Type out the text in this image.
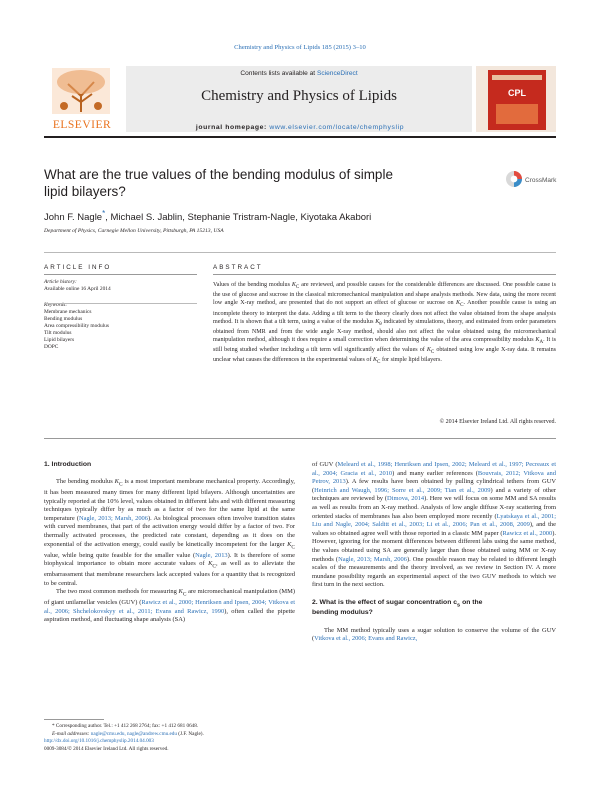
Chemistry and Physics of Lipids 185 (2015) 3–10
ELSEVIER
Contents lists available at ScienceDirect
Chemistry and Physics of Lipids
journal homepage: www.elsevier.com/locate/chemphyslip
CPL
What are the true values of the bending modulus of simple
lipid bilayers?
CrossMark
John F. Nagle*, Michael S. Jablin, Stephanie Tristram-Nagle, Kiyotaka Akabori
Department of Physics, Carnegie Mellon University, Pittsburgh, PA 15213, USA
ARTICLE INFO	ABSTRACT
Article history:
Available online 16 April 2014
Keywords:
Membrane mechanics
Bending modulus
Area compressibility modulus
Tilt modulus
Lipid bilayers
DOPC
Values of the bending modulus $K_C$ are reviewed, and possible causes for the considerable differences are discussed. One possible cause is the use of glucose and sucrose in the classical micromechanical manipulation and shape analysis methods. New data, using the more recent low angle X-ray method, are presented that do not support an effect of glucose or sucrose on $K_C$. Another possible cause is using an incomplete theory to interpret the data. Adding a tilt term to the theory clearly does not affect the value obtained from the shape analysis method. It is shown that a tilt term, using a value of the modulus $K_\theta$ indicated by simulations, theory, and estimated from order parameters obtained from NMR and from the wide angle X-ray method, should also not affect the value obtained using the micromechanical manipulation method, although it does require a small correction when determining the value of the area compressibility modulus $K_A$. It is still being studied whether including a tilt term will significantly affect the values of $K_C$ obtained using low angle X-ray data. It remains unclear what causes the differences in the experimental values of $K_C$ for simple lipid bilayers.
© 2014 Elsevier Ireland Ltd. All rights reserved.
1. Introduction

The bending modulus $K_C$ is a most important membrane mechanical property. Accordingly, it has been measured many times for many different lipid bilayers. Although uncertainties are typically reported at the 10% level, values obtained in different labs and with different measuring techniques typically differ by as much as a factor of two for the same lipid at the same temperature (Nagle, 2013; Marsh, 2006). As biological processes often involve transition states with curved membranes, that part of the activation energy would differ by a factor of two. For thermally activated processes, the predicted rate constant, depending as it does on the exponential of the activation energy, could easily be kinetically incompetent for the larger $K_C$ value, while being quite feasible for the smaller value (Nagle, 2013). It is therefore of some biophysical importance to obtain more accurate values of $K_C$, as well as to alleviate the embarrassment that membrane researchers lack accepted values for a quantity that is recognized to be central.

The two most common methods for measuring $K_C$ are micromechanical manipulation (MM) of giant unilamellar vesicles (GUV) (Rawicz et al., 2000; Henriksen and Ipsen, 2004; Vitkova et al., 2006; Shchelokovskyy et al., 2011; Evans and Rawicz, 1990), often called the pipette aspiration method, and fluctuating shape analysis (SA)

of GUV (Meleard et al., 1998; Henriksen and Ipsen, 2002; Meleard et al., 1997; Pecreaux et al., 2004; Gracia et al., 2010) and many earlier references (Bouvrais, 2012; Vitkova and Petrov, 2013). A few results have been obtained by pulling cylindrical tethers from GUV (Heinrich and Waugh, 1996; Sorre et al., 2009; Tian et al., 2009) and a variety of other techniques are reviewed by (Dimova, 2014). Here we will focus on some MM and SA results as well as results from an X-ray method. Analysis of low angle diffuse X-ray scattering from oriented stacks of membranes has also been employed more recently (Lyatskaya et al., 2001; Liu and Nagle, 2004; Salditt et al., 2003; Li et al., 2006; Pan et al., 2008, 2009), and the values so obtained agree well with those reported in a classic MM paper (Rawicz et al., 2000). However, ignoring for the moment differences between different labs using the same method, the values obtained using SA are generally larger than those obtained using MM or X-ray methods (Nagle, 2013; Marsh, 2006). One possible reason may be related to different length scales of the measurements and the theory involved, as we review in Section IV. A more mundane possibility regards an experimental aspect of the two GUV methods to which we first turn in the next section.

2. What is the effect of sugar concentration $c_s$ on the
bending modulus?

The MM method typically uses a sugar solution to conserve the volume of the GUV (Vitkova et al., 2006; Evans and Rawicz,

* Corresponding author. Tel.: +1 412 268 2764; fax: +1 412 681 0648.
E-mail addresses: nagle@cmu.edu, nagle@andrew.cmu.edu (J.F. Nagle).
http://dx.doi.org/10.1016/j.chemphyslip.2014.04.003
0009-3084/© 2014 Elsevier Ireland Ltd. All rights reserved.
